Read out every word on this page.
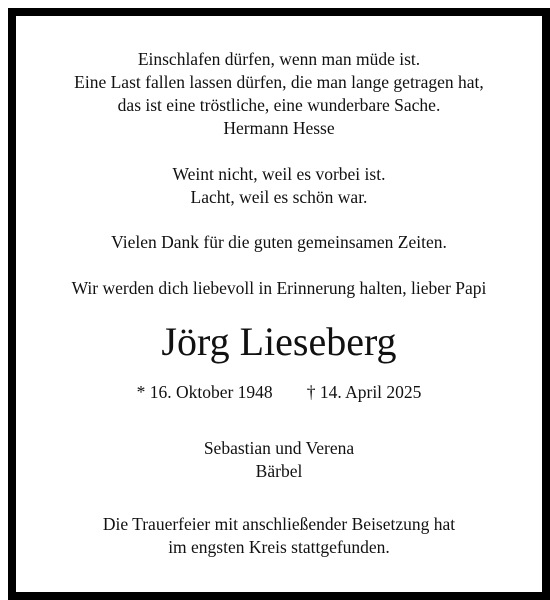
Einschlafen dürfen, wenn man müde ist.
Eine Last fallen lassen dürfen, die man lange getragen hat,
das ist eine tröstliche, eine wunderbare Sache.
Hermann Hesse
Weint nicht, weil es vorbei ist.
Lacht, weil es schön war.
Vielen Dank für die guten gemeinsamen Zeiten.
Wir werden dich liebevoll in Erinnerung halten, lieber Papi
Jörg Lieseberg
* 16. Oktober 1948 † 14. April 2025
Sebastian und Verena
Bärbel
Die Trauerfeier mit anschließender Beisetzung hat
im engsten Kreis stattgefunden.
